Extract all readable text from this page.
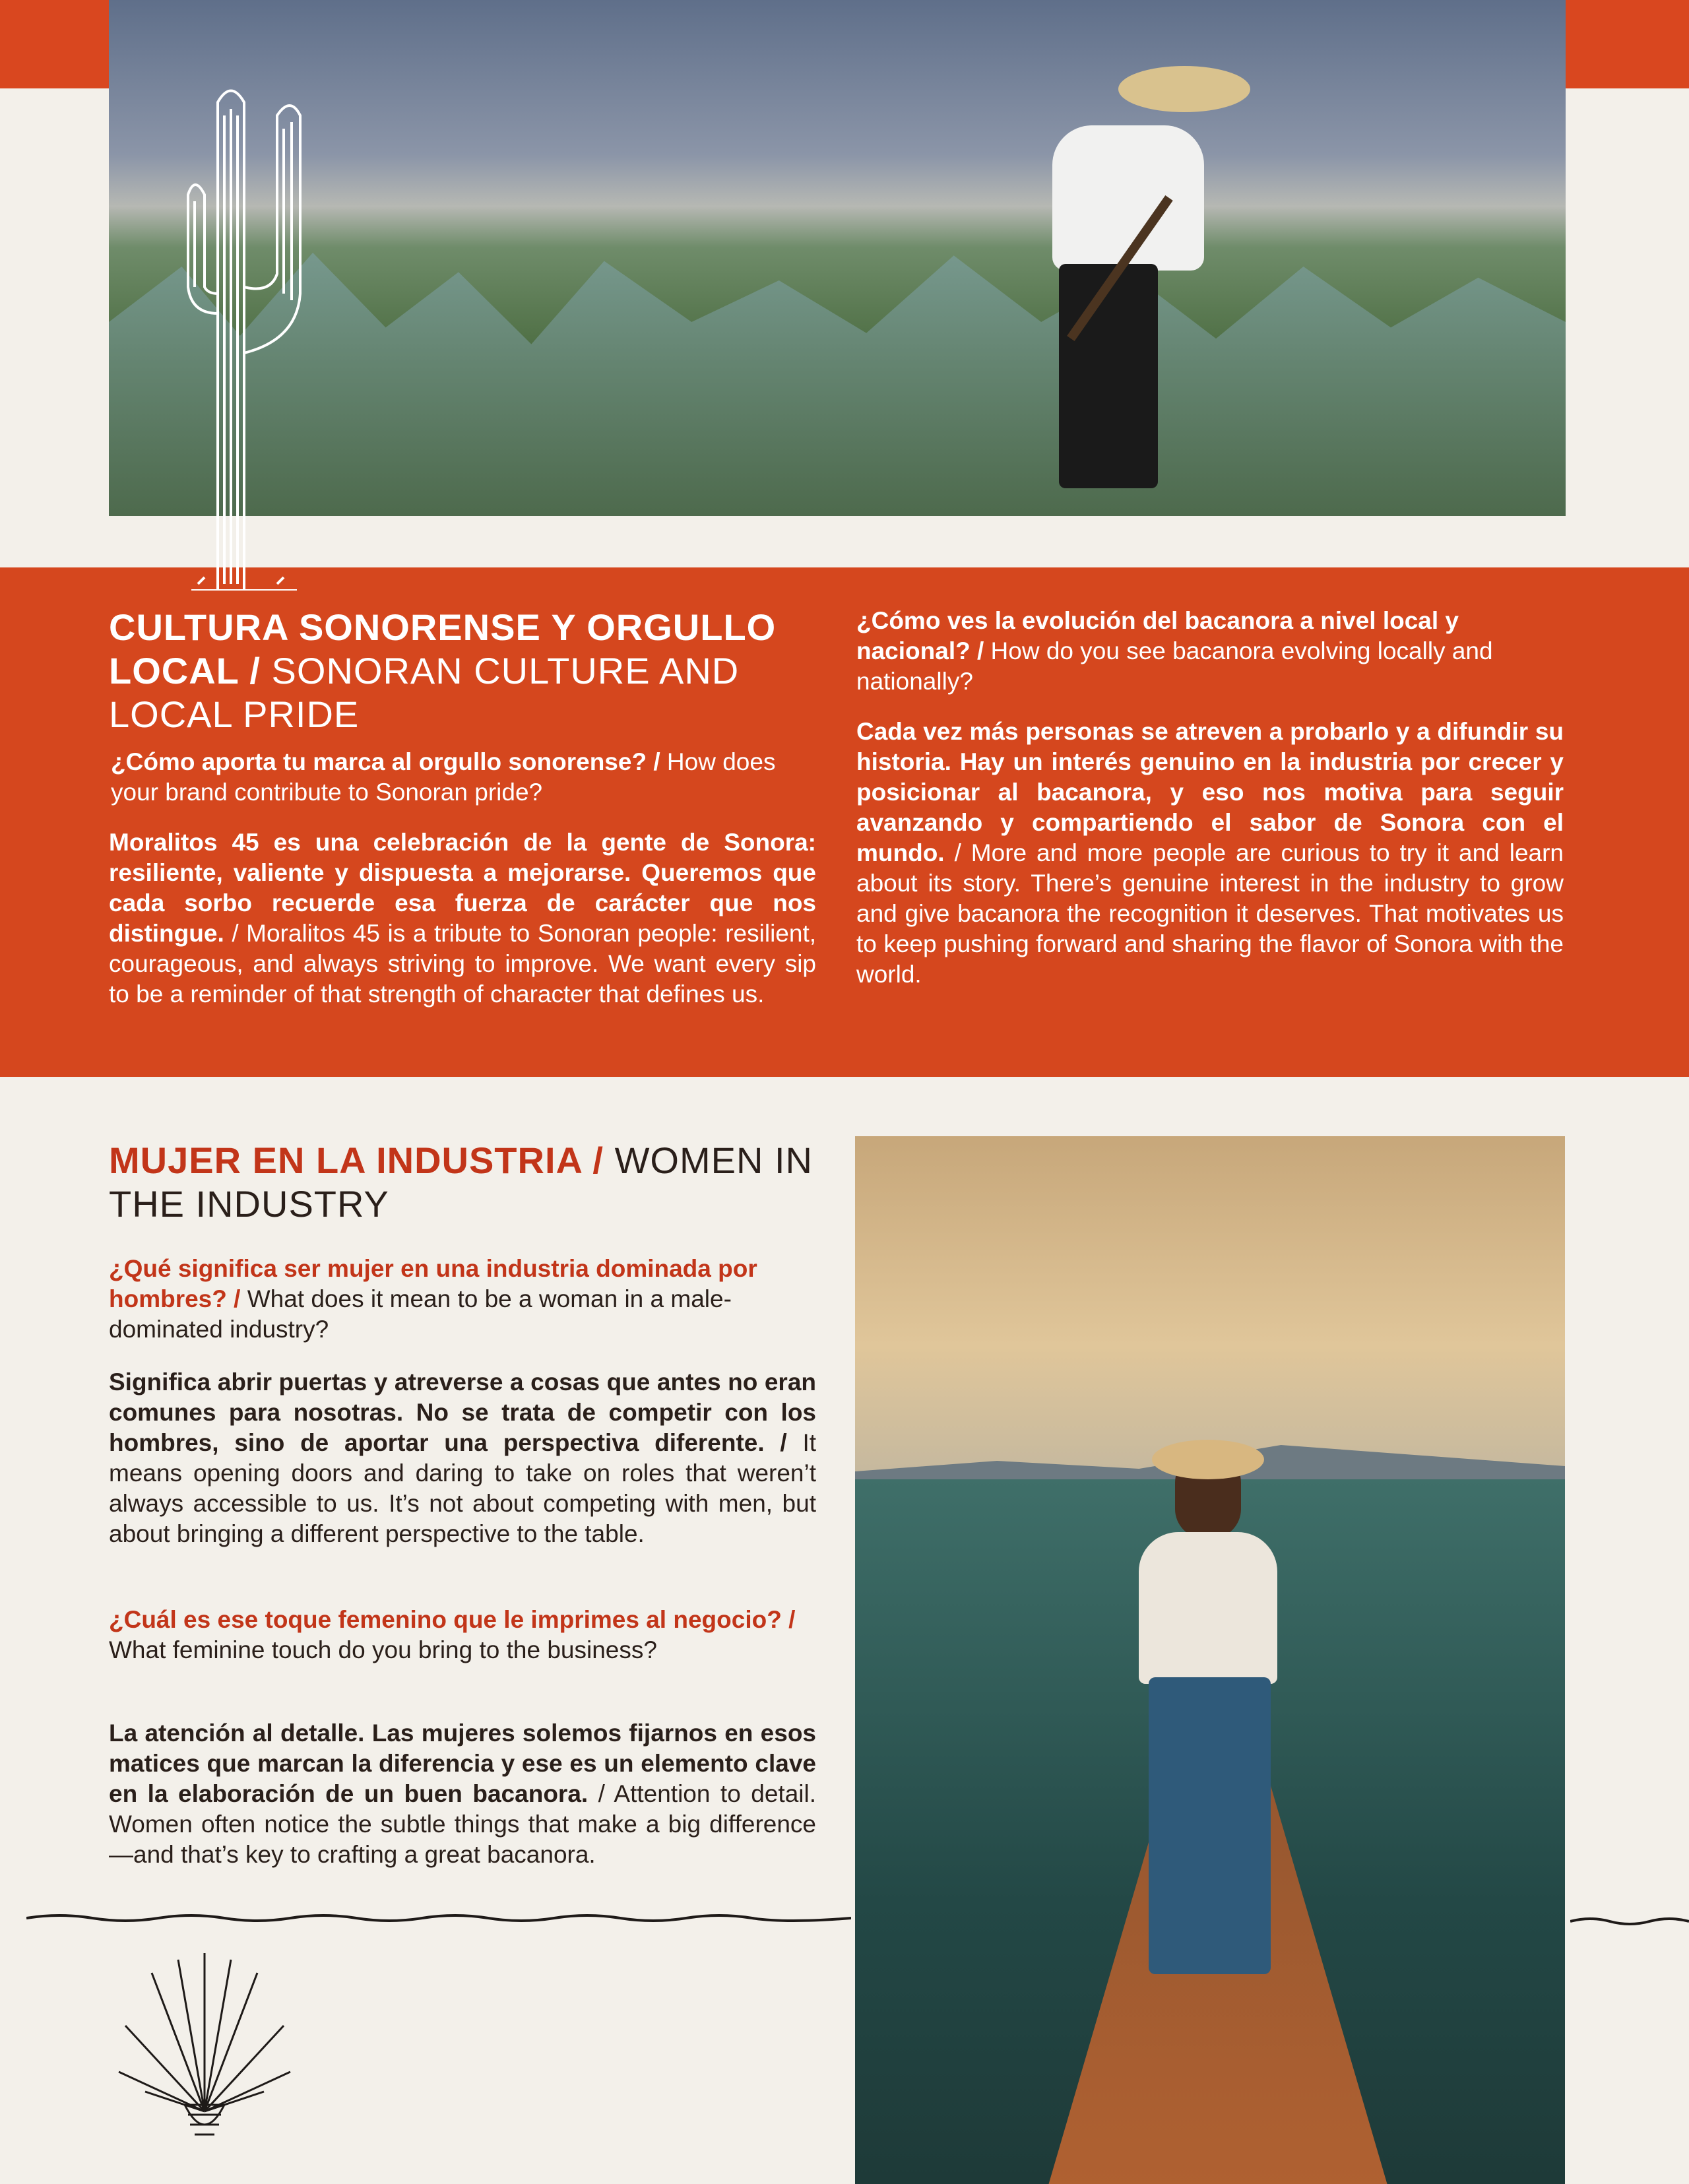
CULTURA SONORENSE Y ORGULLO LOCAL / SONORAN CULTURE AND LOCAL PRIDE
¿Cómo aporta tu marca al orgullo sonorense? / How does your brand contribute to Sonoran pride?
Moralitos 45 es una celebración de la gente de Sonora: resiliente, valiente y dispuesta a mejorarse. Queremos que cada sorbo recuerde esa fuerza de carácter que nos distingue. / Moralitos 45 is a tribute to Sonoran people: resilient, courageous, and always striving to improve. We want every sip to be a reminder of that strength of character that defines us.
¿Cómo ves la evolución del bacanora a nivel local y nacional? / How do you see bacanora evolving locally and nationally?
Cada vez más personas se atreven a probarlo y a difundir su historia. Hay un interés genuino en la industria por crecer y posicionar al bacanora, y eso nos motiva para seguir avanzando y compartiendo el sabor de Sonora con el mundo. / More and more people are curious to try it and learn about its story. There’s genuine interest in the industry to grow and give bacanora the recognition it deserves. That motivates us to keep pushing forward and sharing the flavor of Sonora with the world.
MUJER EN LA INDUSTRIA / WOMEN IN THE INDUSTRY
¿Qué significa ser mujer en una industria dominada por hombres? / What does it mean to be a woman in a male-dominated industry?
Significa abrir puertas y atreverse a cosas que antes no eran comunes para nosotras. No se trata de competir con los hombres, sino de aportar una perspectiva diferente. / It means opening doors and daring to take on roles that weren’t always accessible to us. It’s not about competing with men, but about bringing a different perspective to the table.
¿Cuál es ese toque femenino que le imprimes al negocio? / What feminine touch do you bring to the business?
La atención al detalle. Las mujeres solemos fijarnos en esos matices que marcan la diferencia y ese es un elemento clave en la elaboración de un buen bacanora. / Attention to detail. Women often notice the subtle things that make a big difference—and that’s key to crafting a great bacanora.
